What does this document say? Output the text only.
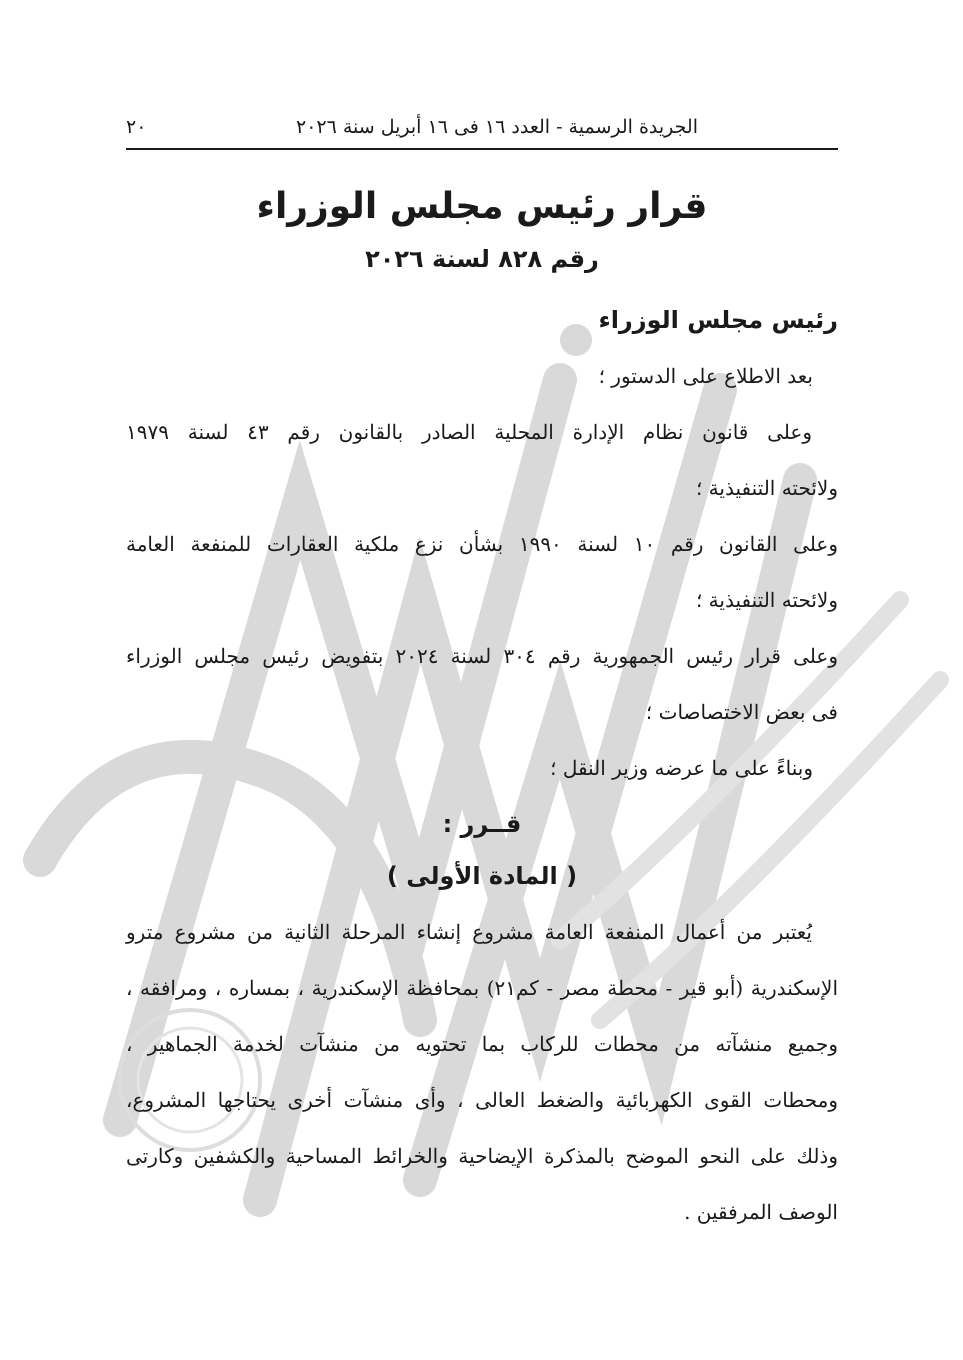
الجريدة الرسمية - العدد ١٦ فى ١٦ أبريل سنة ٢٠٢٦
٢٠
قرار رئيس مجلس الوزراء
رقم ٨٢٨ لسنة ٢٠٢٦
رئيس مجلس الوزراء
بعد الاطلاع على الدستور ؛
وعلى قانون نظام الإدارة المحلية الصادر بالقانون رقم ٤٣ لسنة ١٩٧٩
ولائحته التنفيذية ؛
وعلى القانون رقم ١٠ لسنة ١٩٩٠ بشأن نزع ملكية العقارات للمنفعة العامة
ولائحته التنفيذية ؛
وعلى قرار رئيس الجمهورية رقم ٣٠٤ لسنة ٢٠٢٤ بتفويض رئيس مجلس الوزراء
فى بعض الاختصاصات ؛
وبناءً على ما عرضه وزير النقل ؛
قــرر :
( المادة الأولى )
يُعتبر من أعمال المنفعة العامة مشروع إنشاء المرحلة الثانية من مشروع مترو
الإسكندرية (أبو قير - محطة مصر - كم٢١) بمحافظة الإسكندرية ، بمساره ، ومرافقه ،
وجميع منشآته من محطات للركاب بما تحتويه من منشآت لخدمة الجماهير ،
ومحطات القوى الكهربائية والضغط العالى ، وأى منشآت أخرى يحتاجها المشروع،
وذلك على النحو الموضح بالمذكرة الإيضاحية والخرائط المساحية والكشفين وكارتى
الوصف المرفقين .
